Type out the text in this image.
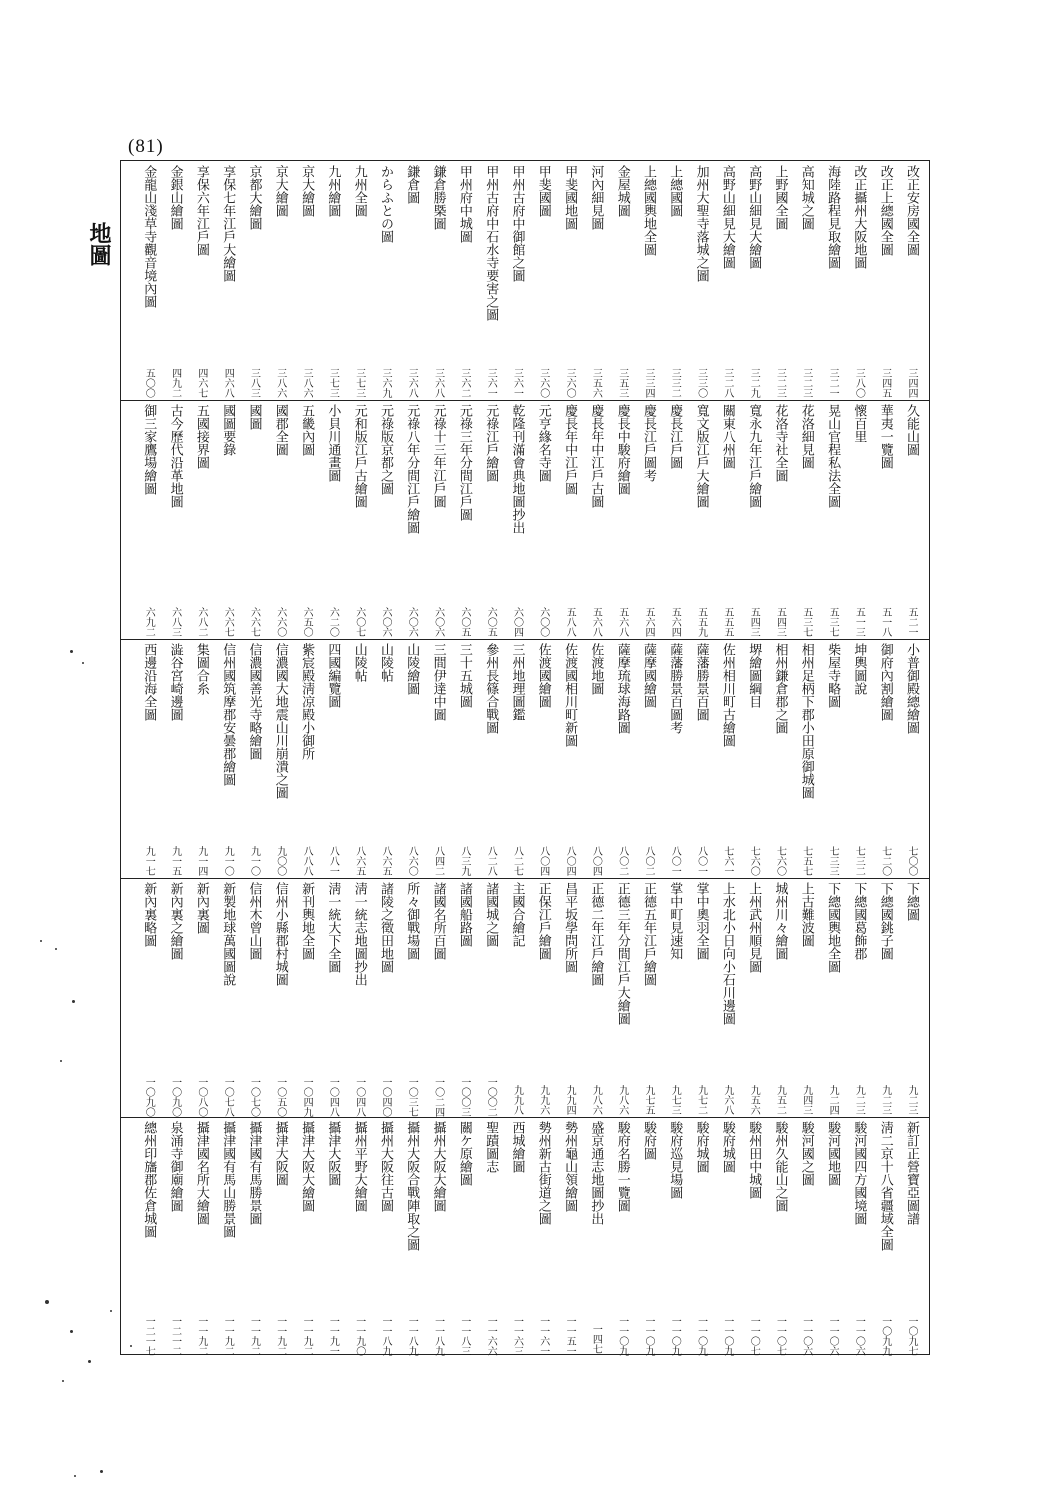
(81)
地圖	改正安房國全圖
三四四
改正上總國全圖
三四五
改正攝州大阪地圖
三八〇
海陸路程見取繪圖
三二一
高知城之圖
三二三
上野國全圖
三二三
高野山細見大繪圖
三二九
高野山細見大繪圖
三二八
加州大聖寺落城之圖
三三〇
上總國圖
三三二
上總國輿地全圖
三三四
金屋城圖
三五三
河內細見圖
三五六
甲斐國地圖
三六〇
甲斐國圖
三六〇
甲州古府中御館之圖
三六一
甲州古府中石水寺要害之圖
三六一
甲州府中城圖
三六二
鎌倉勝槩圖
三六八
鎌倉圖
三六八
からふとの圖
三六九
九州全圖
三七三
九州繪圖
三七三
京大繪圖
三八六
京大繪圖
三八六
京都大繪圖
三八三
享保七年江戶大繪圖
四六八
享保六年江戶圖
四六七
金銀山繪圖
四九二
金龍山淺草寺觀音境內圖
五〇〇
久能山圖
五二一
華夷一覽圖
五一八
懷百里
五一三
晃山官程私法全圖
五三七
花洛細見圖
五三七
花洛寺社全圖
五四三
寬永九年江戶繪圖
五四三
關東八州圖
五五五
寬文版江戶大繪圖
五五九
慶長江戶圖
五六四
慶長江戶圖考
五六四
慶長中駿府繪圖
五六八
慶長年中江戶古圖
五六八
慶長年中江戶圖
五八八
元亨緣名寺圖
六〇〇
乾隆刊滿會典地圖抄出
六〇四
元祿江戶繪圖
六〇五
元祿三年分間江戶圖
六〇五
元祿十三年江戶圖
六〇六
元祿八年分間江戶繪圖
六〇六
元祿版京都之圖
六〇六
元和版江戶古繪圖
六〇七
小貝川通畫圖
六二〇
五畿內圖
六五〇
國郡全圖
六六〇
國圖
六六七
國圖要錄
六六七
五國接界圖
六八二
古今歷代沿革地圖
六八三
御三家鷹場繪圖
六九二
小普御殿總繪圖
七〇〇
御府內割繪圖
七二〇
坤輿圖說
七三二
柴屋寺略圖
七三三
相州足柄下郡小田原御城圖
七五七
相州鎌倉郡之圖
七六〇
堺繪圖綱目
七六〇
佐州相川町古繪圖
七六一
薩藩勝景百圖
八〇一
薩藩勝景百圖考
八〇一
薩摩國繪圖
八〇二
薩摩琉球海路圖
八〇二
佐渡地圖
八〇四
佐渡國相川町新圖
八〇四
佐渡國繪圖
八〇四
三州地理圖鑑
八二七
參州長篠合戰圖
八二八
三十五城圖
八三九
三間伊達中圖
八四二
山陵繪圖
八六〇
山陵帖
八六五
山陵帖
八六五
四國編覽圖
八八一
紫宸殿淸凉殿小御所
八八八
信濃國大地震山川崩潰之圖
九〇〇
信濃國善光寺略繪圖
九一〇
信州國筑摩郡安曇郡繪圖
九一〇
集圖合糸
九一四
澁谷宮崎邊圖
九一五
西邊沿海全圖
九一七
下總圖
九二三
下總國銚子圖
九二三
下總國葛飾郡
九二三
下總國輿地全圖
九二四
上古難波圖
九四三
城州川々繪圖
九五二
上州武州順見圖
九五六
上水北小日向小石川邊圖
九六八
掌中奧羽全圖
九七二
掌中町見速知
九七三
正德五年江戶繪圖
九七五
正德三年分間江戶大繪圖
九八六
正德二年江戶繪圖
九八六
昌平坂學問所圖
九九四
正保江戶繪圖
九九六
主國合繪記
九九八
諸國城之圖
一〇〇二
諸國船路圖
一〇〇三
諸國名所百圖
一〇二四
所々御戰場圖
一〇三七
諸陵之徵田地圖
一〇四〇
淸一統志地圖抄出
一〇四八
淸一統大下全圖
一〇四八
新刊輿地全圖
一〇四九
信州小縣郡村城圖
一〇五〇
信州木曾山圖
一〇七〇
新製地球萬國圖說
一〇七八
新內裏圖
一〇八〇
新內裏之繪圖
一〇九〇
新內裏略圖
一〇九〇
新訂正營寶亞圖譜
一〇九七
淸二京十八省疆域全圖
一〇九九
駿河國四方國境圖
一一〇六
駿河國地圖
一一〇六
駿河國之圖
一一〇六
駿州久能山之圖
一一〇七
駿州田中城圖
一一〇七
駿府城圖
一一〇九
駿府城圖
一一〇九
駿府巡見場圖
一一〇九
駿府圖
一一〇九
駿府名勝一覽圖
一一〇九
盛京通志地圖抄出
一四七
勢州龜山領繪圖
一一五一
勢州新古街道之圖
一一六一
西城繪圖
一一六三
聖蹟圖志
一一六六
關ケ原繪圖
一一八三
攝州大阪大繪圖
一一八九
攝州大阪合戰陣取之圖
一一八九
攝州大阪往古圖
一一八九
攝州平野大繪圖
一一九〇
攝津大阪圖
一一九一
攝津大阪大繪圖
一一九二
攝津大阪圖
一一九二
攝津國有馬勝景圖
一一九二
攝津國有馬山勝景圖
一一九二
攝津國名所大繪圖
一一九二
泉涌寺御廟繪圖
一二一二
總州印旛郡佐倉城圖
一二一七
